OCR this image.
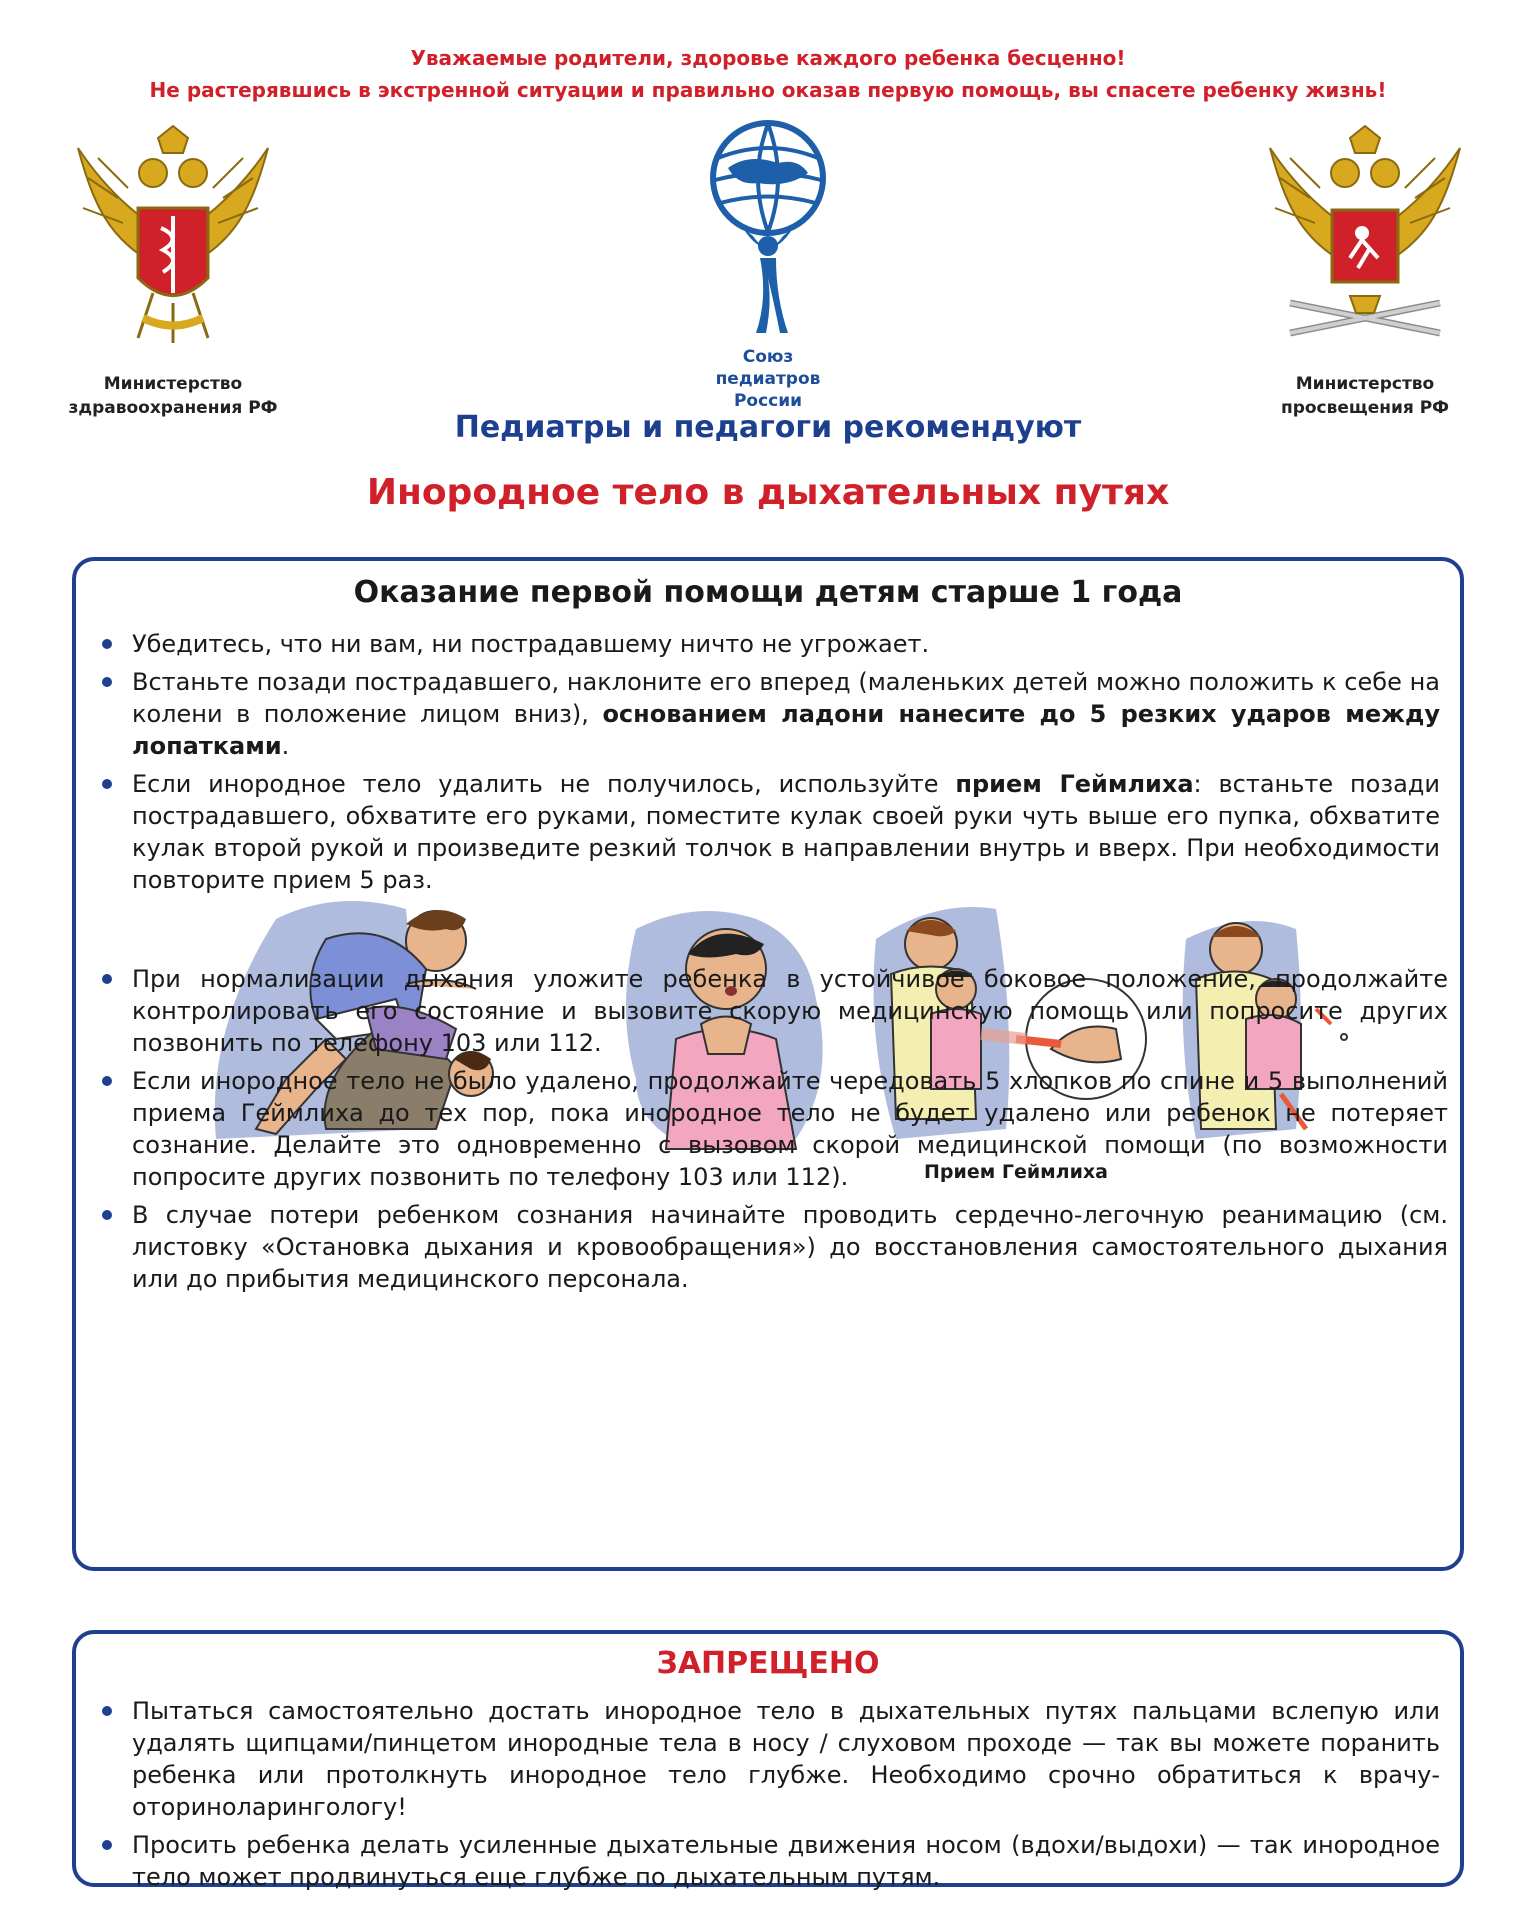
Уважаемые родители, здоровье каждого ребенка бесценно!
Не растерявшись в экстренной ситуации и правильно оказав первую помощь, вы спасете ребенку жизнь!
Министерство
здравоохранения РФ
Союз
педиатров
России
Министерство
просвещения РФ
Педиатры и педагоги рекомендуют
Инородное тело в дыхательных путях
Оказание первой помощи детям старше 1 года
Убедитесь, что ни вам, ни пострадавшему ничто не угрожает.
Встаньте позади пострадавшего, наклоните его вперед (маленьких детей можно положить к себе на колени в положение лицом вниз), основанием ладони нанесите до 5 резких ударов между лопатками.
Если инородное тело удалить не получилось, используйте прием Геймлиха: встаньте позади пострадавшего, обхватите его руками, поместите кулак своей руки чуть выше его пупка, обхватите кулак второй рукой и произведите резкий толчок в направлении внутрь и вверх. При необходимости повторите прием 5 раз.
Прием Геймлиха
При нормализации дыхания уложите ребенка в устойчивое боковое положение, продолжайте контролировать его состояние и вызовите скорую медицинскую помощь или попросите других позвонить по телефону 103 или 112.
Если инородное тело не было удалено, продолжайте чередовать 5 хлопков по спине и 5 выполнений приема Геймлиха до тех пор, пока инородное тело не будет удалено или ребенок не потеряет сознание. Делайте это одновременно с вызовом скорой медицинской помощи (по возможности попросите других позвонить по телефону 103 или 112).
В случае потери ребенком сознания начинайте проводить сердечно-легочную реанимацию (см. листовку «Остановка дыхания и кровообращения») до восстановления самостоятельного дыхания или до прибытия медицинского персонала.
ЗАПРЕЩЕНО
Пытаться самостоятельно достать инородное тело в дыхательных путях пальцами вслепую или удалять щипцами/пинцетом инородные тела в носу / слуховом проходе — так вы можете поранить ребенка или протолкнуть инородное тело глубже. Необходимо срочно обратиться к врачу-оториноларингологу!
Просить ребенка делать усиленные дыхательные движения носом (вдохи/выдохи) — так инородное тело может продвинуться еще глубже по дыхательным путям.
